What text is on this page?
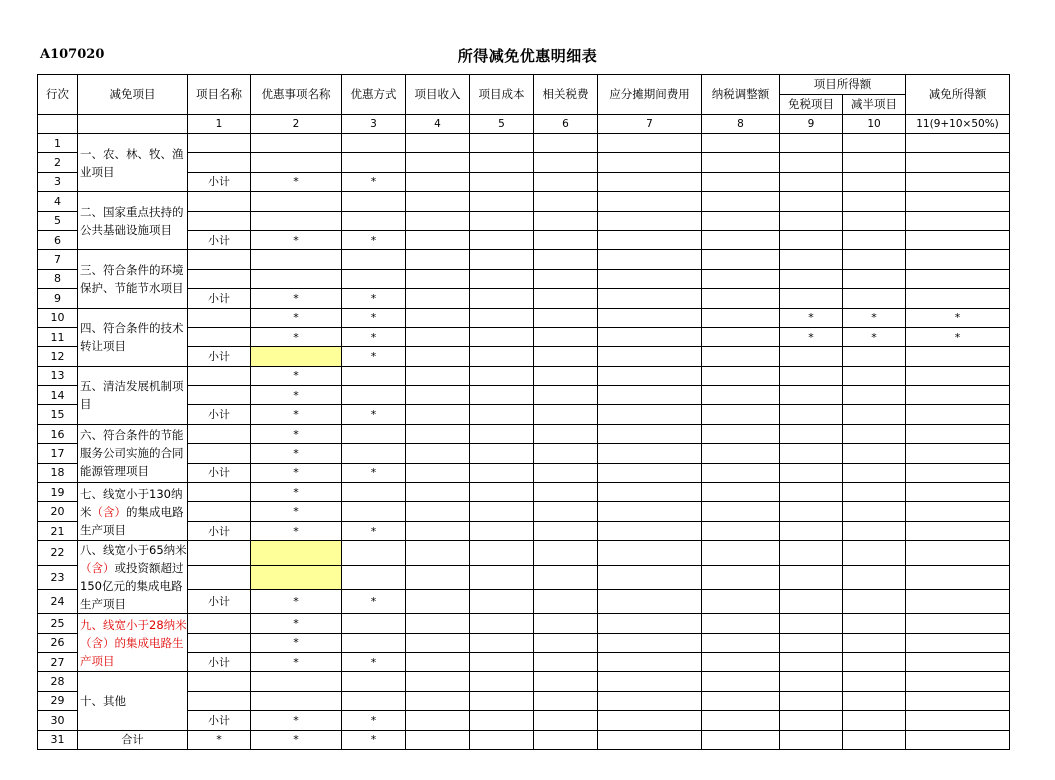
A107020	所得减免优惠明细表
行次	减免项目	项目名称	优惠事项名称	优惠方式	项目收入	项目成本	相关税费	应分摊期间费用	纳税调整额	项目所得额		减免所得额
										免税项目	减半项目	
		1	2	3	4	5	6	7	8	9	10	11(9+10×50%)
1	一、农、林、牧、渔业项目											
2												
3		小计	*	*								
4	二、国家重点扶持的公共基础设施项目											
5												
6		小计	*	*								
7	三、符合条件的环境保护、节能节水项目											
8												
9		小计	*	*								
10	四、符合条件的技术转让项目		*	*						*	*	*
11			*	*						*	*	*
12		小计		*								
13	五、清洁发展机制项目		*									
14			*									
15		小计	*	*								
16	六、符合条件的节能服务公司实施的合同能源管理项目		*									
17			*									
18		小计	*	*								
19	七、线宽小于130纳米（含）的集成电路生产项目		*									
20			*									
21		小计	*	*								
22	八、线宽小于65纳米（含）或投资额超过150亿元的集成电路生产项目											
23												
24		小计	*	*								
25	九、线宽小于28纳米（含）的集成电路生产项目		*									
26			*									
27		小计	*	*								
28	十、其他											
29												
30		小计	*	*								
31	合计	*	*	*								
